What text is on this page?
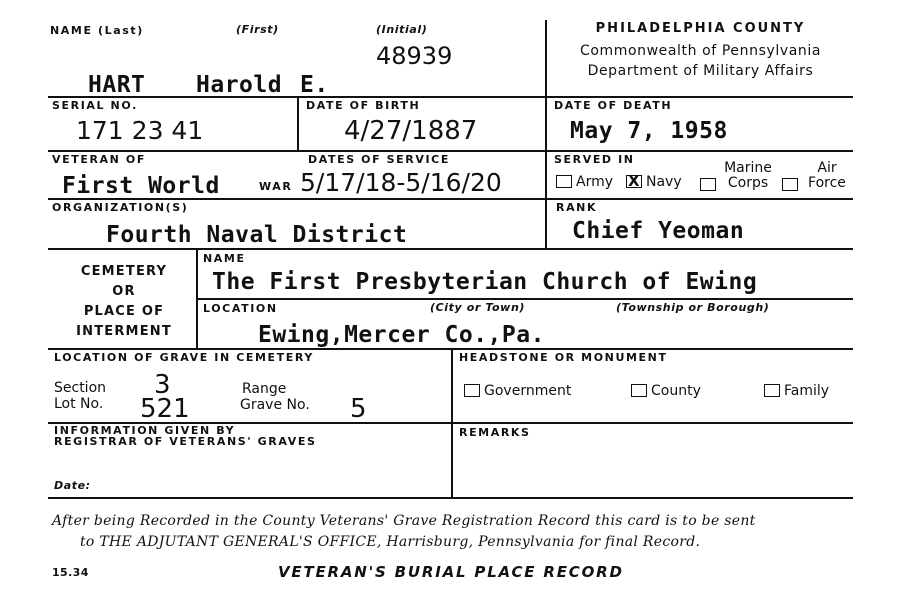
NAME (Last)	(First)	(Initial)
48939
PHILADELPHIA COUNTY
Commonwealth of Pennsylvania
Department of Military Affairs
HART Harold E.
SERIAL NO.
171 23 41
DATE OF BIRTH
4/27/1887
DATE OF DEATH
May 7, 1958
VETERAN OF
First World	WAR
DATES OF SERVICE
5/17/18-5/16/20
SERVED IN
Army
X	Navy
Marine
Corps
Air
Force
ORGANIZATION(S)
Fourth Naval District
RANK
Chief Yeoman
CEMETERY
OR
PLACE OF
INTERMENT
NAME
The First Presbyterian Church of Ewing
LOCATION	(City or Town)	(Township or Borough)
Ewing,Mercer Co.,Pa.
LOCATION OF GRAVE IN CEMETERY
Section
Lot No.
3
521
Range
Grave No. 5
HEADSTONE OR MONUMENT
Government	County	Family
INFORMATION GIVEN BY
REGISTRAR OF VETERANS' GRAVES
Date:
REMARKS
After being Recorded in the County Veterans' Grave Registration Record this card is to be sent
to THE ADJUTANT GENERAL'S OFFICE, Harrisburg, Pennsylvania for final Record.
15.34	VETERAN'S BURIAL PLACE RECORD
